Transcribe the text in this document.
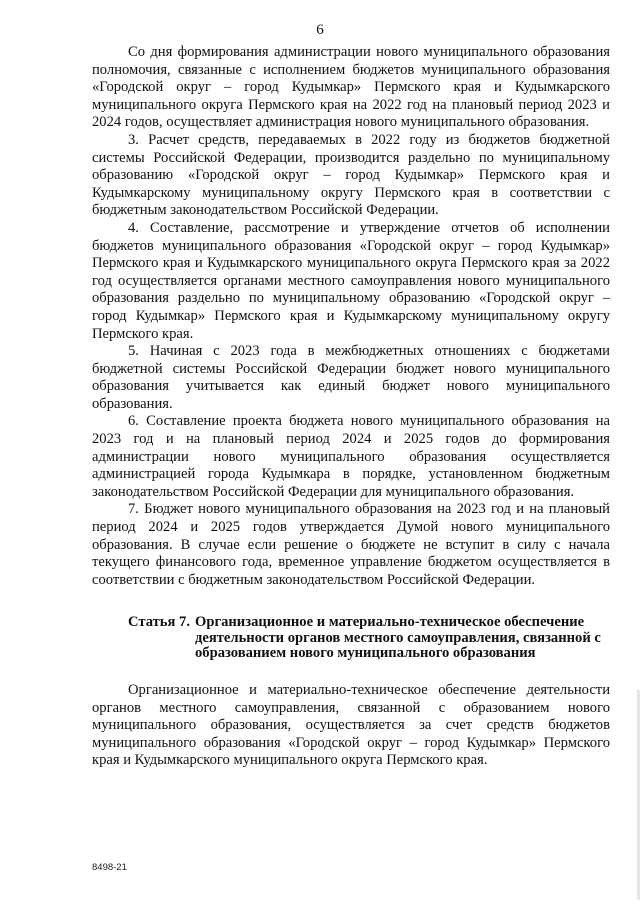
6

Со дня формирования администрации нового муниципального образования полномочия, связанные с исполнением бюджетов муниципального образования «Городской округ – город Кудымкар» Пермского края и Кудымкарского муниципального округа Пермского края на 2022 год на плановый период 2023 и 2024 годов, осуществляет администрация нового муниципального образования.

3. Расчет средств, передаваемых в 2022 году из бюджетов бюджетной системы Российской Федерации, производится раздельно по муниципальному образованию «Городской округ – город Кудымкар» Пермского края и Кудымкарскому муниципальному округу Пермского края в соответствии с бюджетным законодательством Российской Федерации.

4. Составление, рассмотрение и утверждение отчетов об исполнении бюджетов муниципального образования «Городской округ – город Кудымкар» Пермского края и Кудымкарского муниципального округа Пермского края за 2022 год осуществляется органами местного самоуправления нового муниципального образования раздельно по муниципальному образованию «Городской округ – город Кудымкар» Пермского края и Кудымкарскому муниципальному округу Пермского края.

5. Начиная с 2023 года в межбюджетных отношениях с бюджетами бюджетной системы Российской Федерации бюджет нового муниципального образования учитывается как единый бюджет нового муниципального образования.

6. Составление проекта бюджета нового муниципального образования на 2023 год и на плановый период 2024 и 2025 годов до формирования администрации нового муниципального образования осуществляется администрацией города Кудымкара в порядке, установленном бюджетным законодательством Российской Федерации для муниципального образования.

7. Бюджет нового муниципального образования на 2023 год и на плановый период 2024 и 2025 годов утверждается Думой нового муниципального образования. В случае если решение о бюджете не вступит в силу с начала текущего финансового года, временное управление бюджетом осуществляется в соответствии с бюджетным законодательством Российской Федерации.

Статья 7. Организационное и материально-техническое обеспечение деятельности органов местного самоуправления, связанной с образованием нового муниципального образования

Организационное и материально-техническое обеспечение деятельности органов местного самоуправления, связанной с образованием нового муниципального образования, осуществляется за счет средств бюджетов муниципального образования «Городской округ – город Кудымкар» Пермского края и Кудымкарского муниципального округа Пермского края.

8498-21
